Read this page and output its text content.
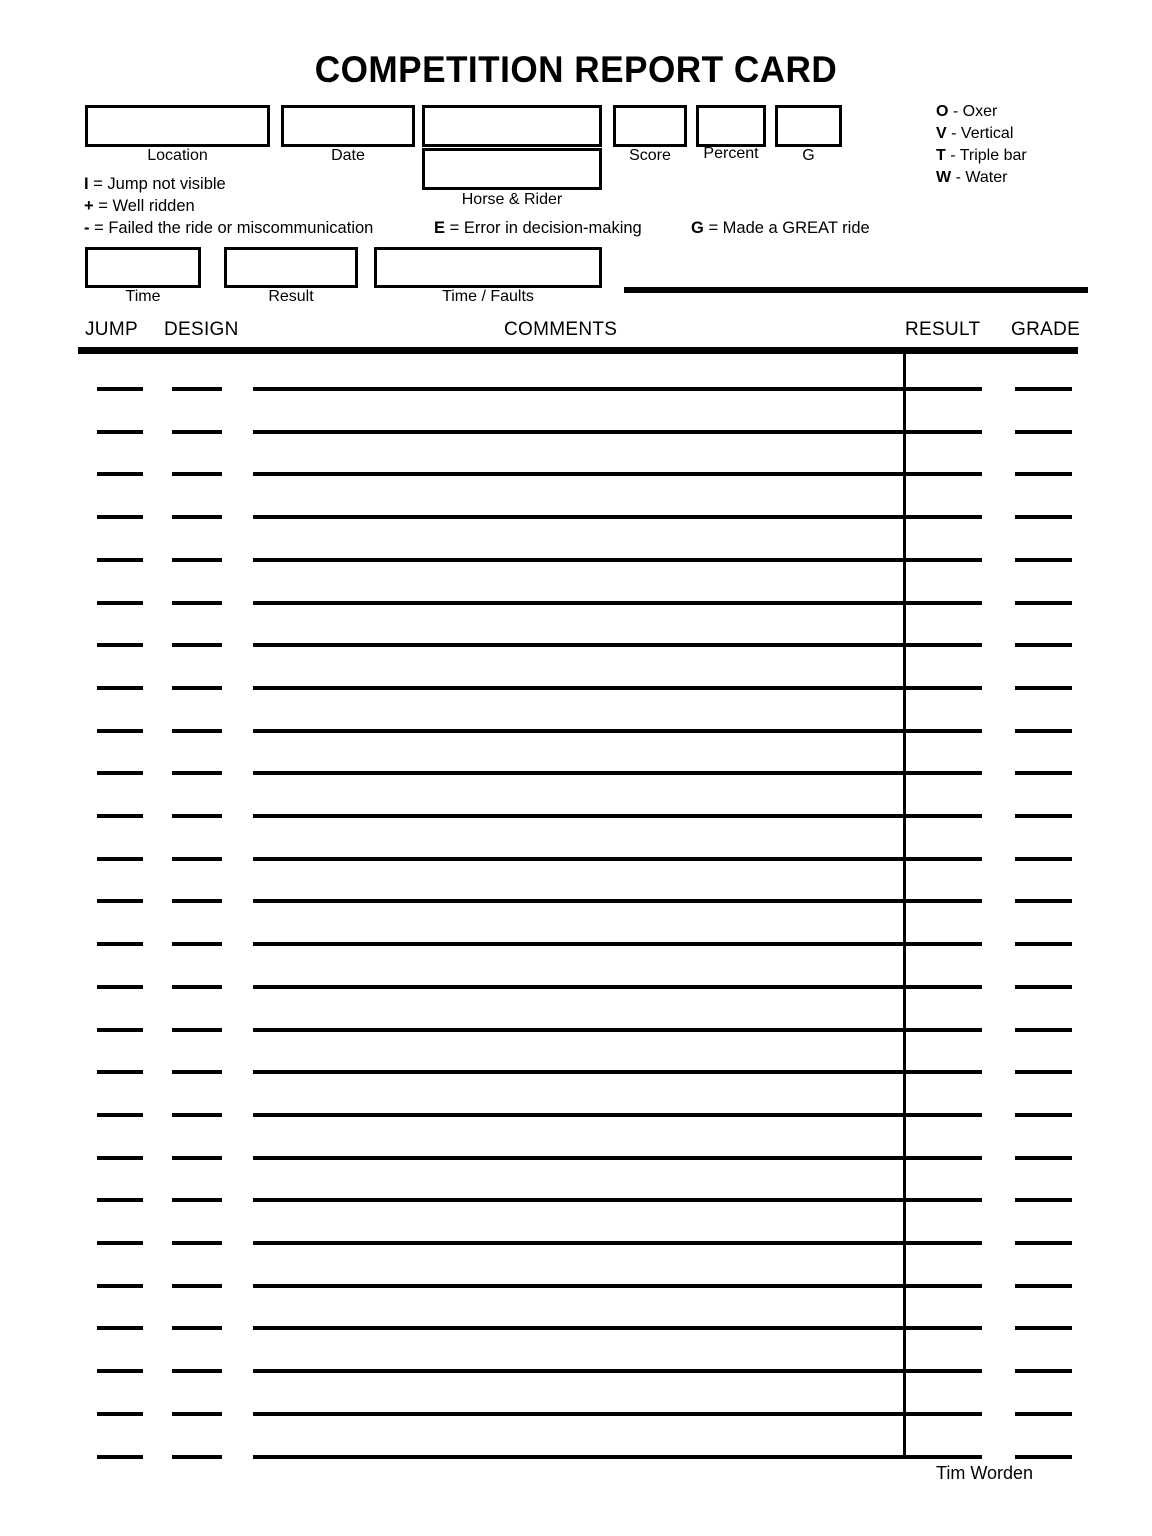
COMPETITION REPORT CARD
Location	Date
Horse & Rider
Score	Percent	G
O - Oxer
V - Vertical
T - Triple bar
W - Water
I = Jump not visible
+ = Well ridden
- = Failed the ride or miscommunication	E = Error in decision-making	G = Made a GREAT ride
Time	Result	Time / Faults
JUMP DESIGN	COMMENTS	RESULT GRADE
Tim Worden
